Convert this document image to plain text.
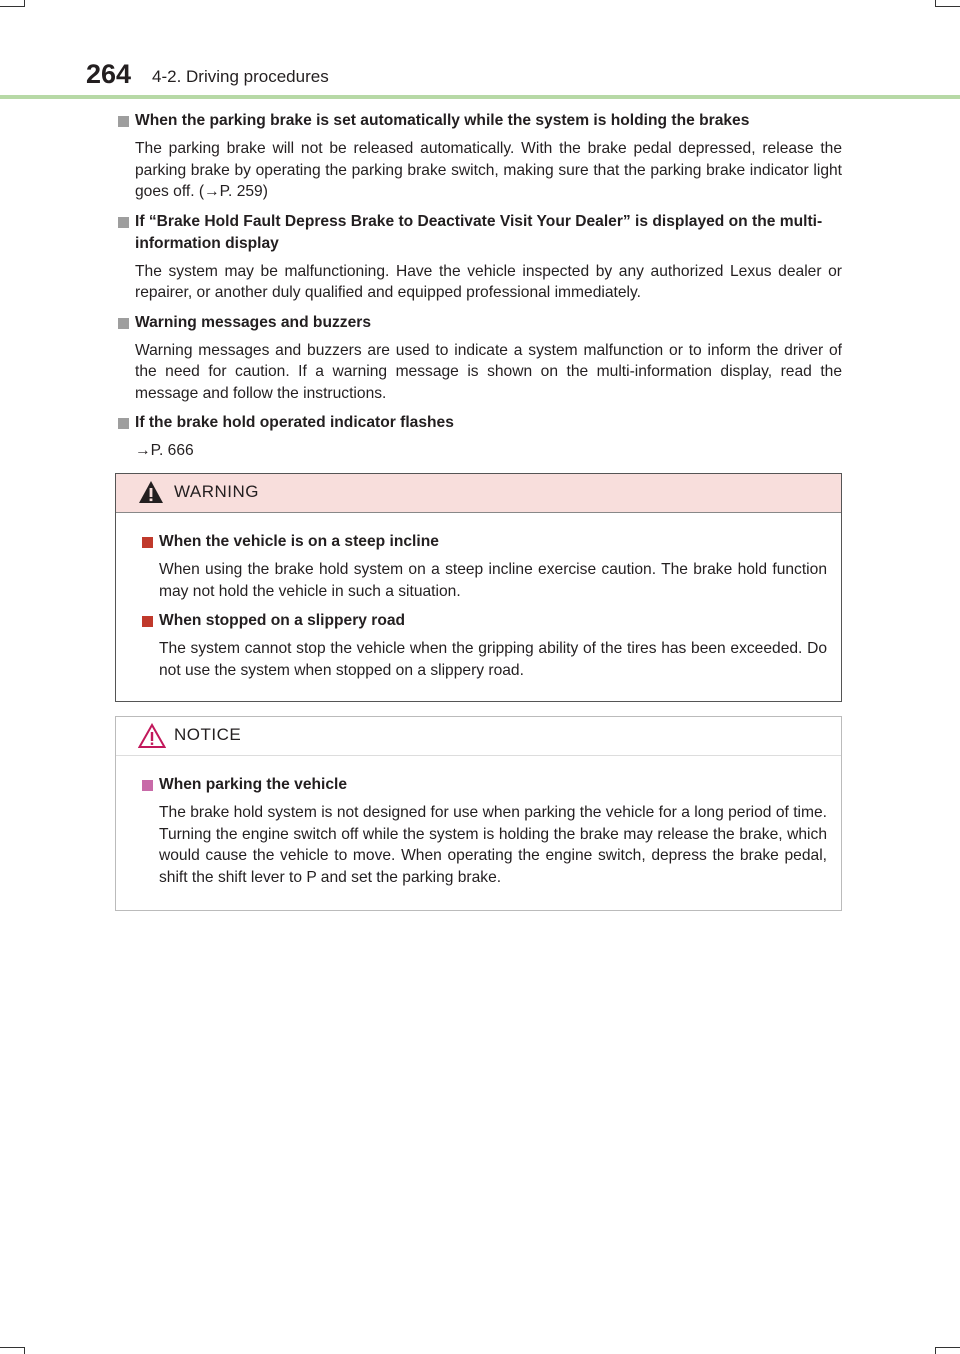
264 4-2. Driving procedures
When the parking brake is set automatically while the system is holding the brakes
The parking brake will not be released automatically. With the brake pedal depressed, release the parking brake by operating the parking brake switch, making sure that the parking brake indicator light goes off. (→P. 259)
If “Brake Hold Fault Depress Brake to Deactivate Visit Your Dealer” is displayed on the multi-information display
The system may be malfunctioning. Have the vehicle inspected by any authorized Lexus dealer or repairer, or another duly qualified and equipped professional immediately.
Warning messages and buzzers
Warning messages and buzzers are used to indicate a system malfunction or to inform the driver of the need for caution. If a warning message is shown on the multi-information display, read the message and follow the instructions.
If the brake hold operated indicator flashes
→P. 666
WARNING
When the vehicle is on a steep incline
When using the brake hold system on a steep incline exercise caution. The brake hold function may not hold the vehicle in such a situation.
When stopped on a slippery road
The system cannot stop the vehicle when the gripping ability of the tires has been exceeded. Do not use the system when stopped on a slippery road.
NOTICE
When parking the vehicle
The brake hold system is not designed for use when parking the vehicle for a long period of time. Turning the engine switch off while the system is holding the brake may release the brake, which would cause the vehicle to move. When operating the engine switch, depress the brake pedal, shift the shift lever to P and set the parking brake.
